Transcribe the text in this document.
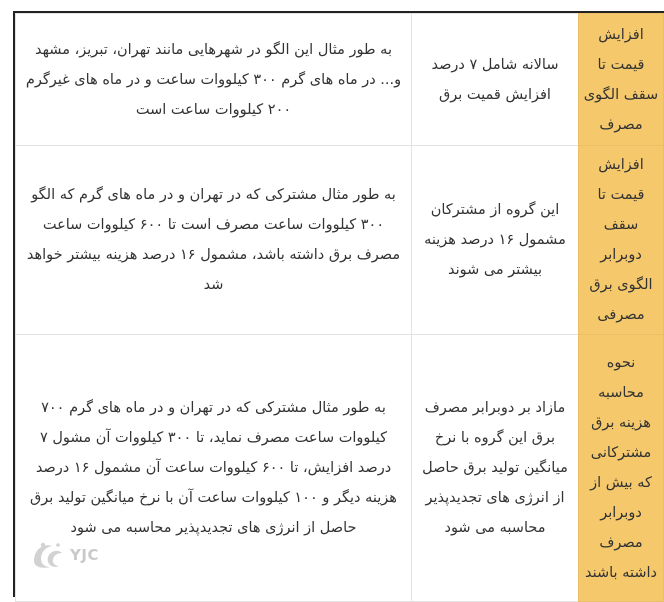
افزایش قیمت تا سقف الگوی مصرف	سالانه شامل ۷ درصد افزایش قمیت برق	به طور مثال این الگو در شهرهایی مانند تهران، تبریز، مشهد و... در ماه های گرم ۳۰۰ کیلووات ساعت و در ماه های غیرگرم ۲۰۰ کیلووات ساعت است
افزایش قیمت تا سقف دوبرابر الگوی برق مصرفی	این گروه از مشترکان مشمول ۱۶ درصد هزینه بیشتر می شوند	به طور مثال مشترکی که در تهران و در ماه های گرم که الگو ۳۰۰ کیلووات ساعت مصرف است تا ۶۰۰ کیلووات ساعت مصرف برق داشته باشد، مشمول ۱۶ درصد هزینه بیشتر خواهد شد
نحوه محاسبه هزینه برق مشترکانی که بیش از دوبرابر مصرف داشته باشند	مازاد بر دوبرابر مصرف برق این گروه با نرخ میانگین تولید برق حاصل از انرژی های تجدیدپذیر محاسبه می شود	به طور مثال مشترکی که در تهران و در ماه های گرم ۷۰۰ کیلووات ساعت مصرف نماید، تا ۳۰۰ کیلووات آن مشول ۷ درصد افزایش، تا ۶۰۰ کیلووات ساعت آن مشمول ۱۶ درصد هزینه دیگر و ۱۰۰ کیلووات ساعت آن با نرخ میانگین تولید برق حاصل از انرژی های تجدیدپذیر محاسبه می شود
YJC
